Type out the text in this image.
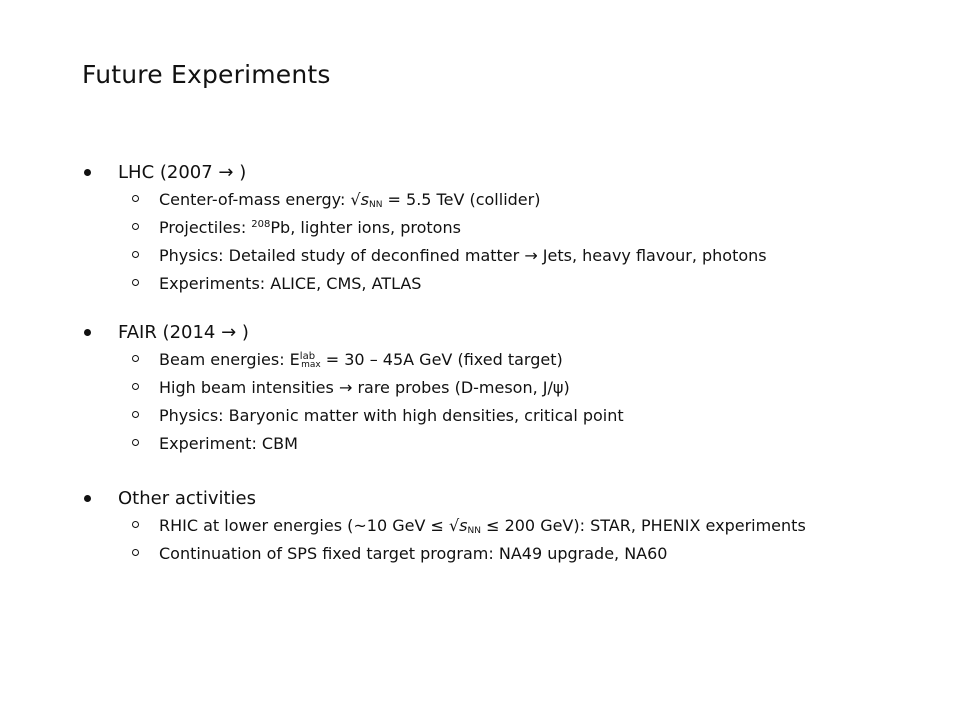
Future Experiments
LHC (2007 → )
Center-of-mass energy: $√s_{NN} = 5.5$ TeV (collider)
Projectiles: $^{208}$Pb, lighter ions, protons
Physics: Detailed study of deconfined matter → Jets, heavy flavour, photons
Experiments: ALICE, CMS, ATLAS
FAIR (2014 → )
Beam energies: $E^{lab}_{max} = 30 - 45A$ GeV (fixed target)
High beam intensities → rare probes (D-meson, J/ψ)
Physics: Baryonic matter with high densities, critical point
Experiment: CBM
Other activities
RHIC at lower energies (~10 GeV ≤ $√s_{NN} \le 200$ GeV): STAR, PHENIX experiments
Continuation of SPS fixed target program: NA49 upgrade, NA60
